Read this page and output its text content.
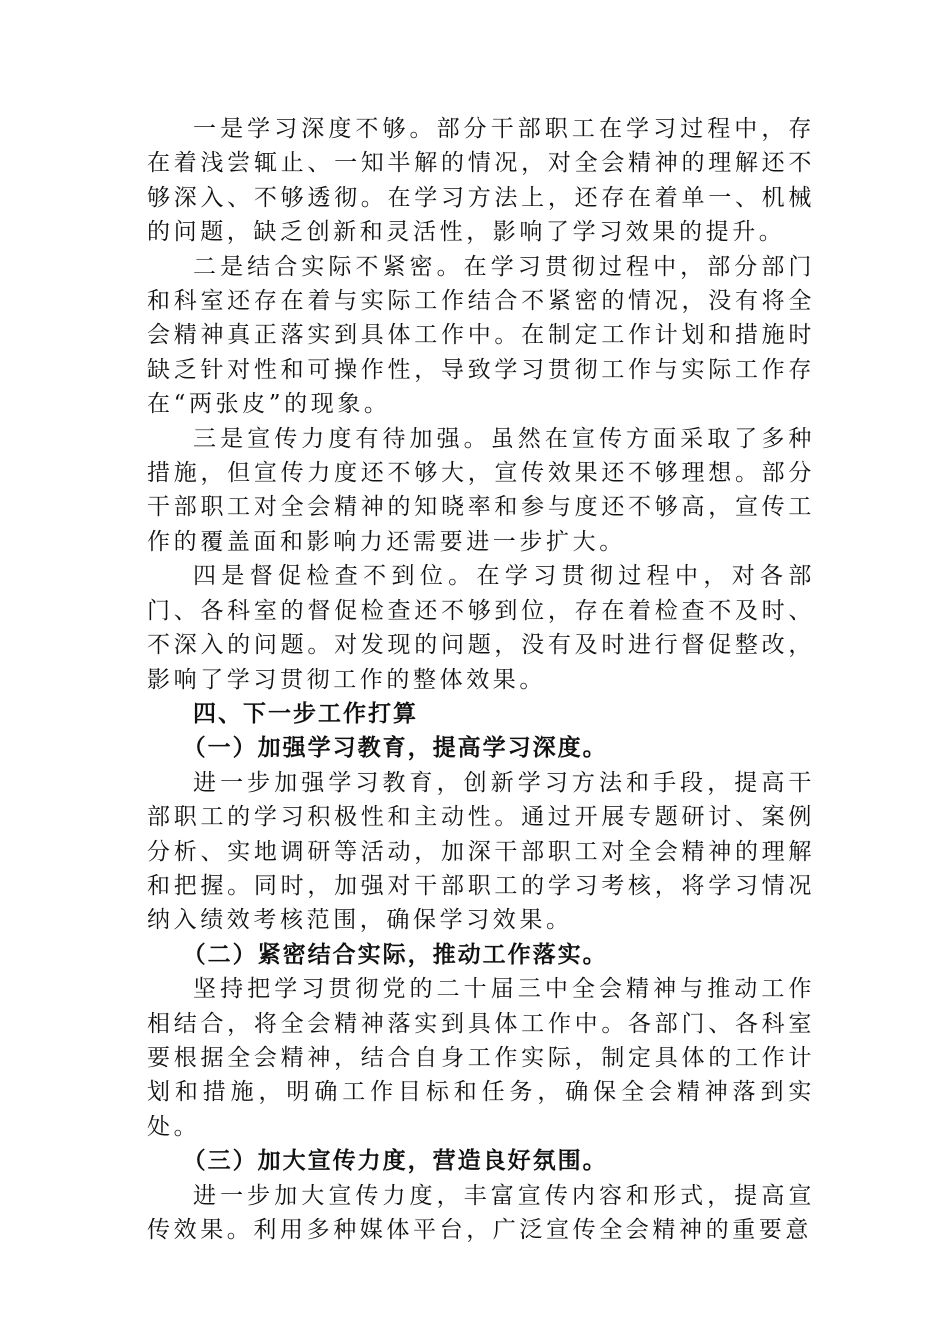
一是学习深度不够。部分干部职工在学习过程中，存在着浅尝辄止、一知半解的情况，对全会精神的理解还不够深入、不够透彻。在学习方法上，还存在着单一、机械的问题，缺乏创新和灵活性，影响了学习效果的提升。

二是结合实际不紧密。在学习贯彻过程中，部分部门和科室还存在着与实际工作结合不紧密的情况，没有将全会精神真正落实到具体工作中。在制定工作计划和措施时缺乏针对性和可操作性，导致学习贯彻工作与实际工作存在“两张皮”的现象。

三是宣传力度有待加强。虽然在宣传方面采取了多种措施，但宣传力度还不够大，宣传效果还不够理想。部分干部职工对全会精神的知晓率和参与度还不够高，宣传工作的覆盖面和影响力还需要进一步扩大。

四是督促检查不到位。在学习贯彻过程中，对各部门、各科室的督促检查还不够到位，存在着检查不及时、不深入的问题。对发现的问题，没有及时进行督促整改，影响了学习贯彻工作的整体效果。

四、下一步工作打算

（一）加强学习教育，提高学习深度。

进一步加强学习教育，创新学习方法和手段，提高干部职工的学习积极性和主动性。通过开展专题研讨、案例分析、实地调研等活动，加深干部职工对全会精神的理解和把握。同时，加强对干部职工的学习考核，将学习情况纳入绩效考核范围，确保学习效果。

（二）紧密结合实际，推动工作落实。

坚持把学习贯彻党的二十届三中全会精神与推动工作相结合，将全会精神落实到具体工作中。各部门、各科室要根据全会精神，结合自身工作实际，制定具体的工作计划和措施，明确工作目标和任务，确保全会精神落到实处。

（三）加大宣传力度，营造良好氛围。

进一步加大宣传力度，丰富宣传内容和形式，提高宣传效果。利用多种媒体平台，广泛宣传全会精神的重要意
